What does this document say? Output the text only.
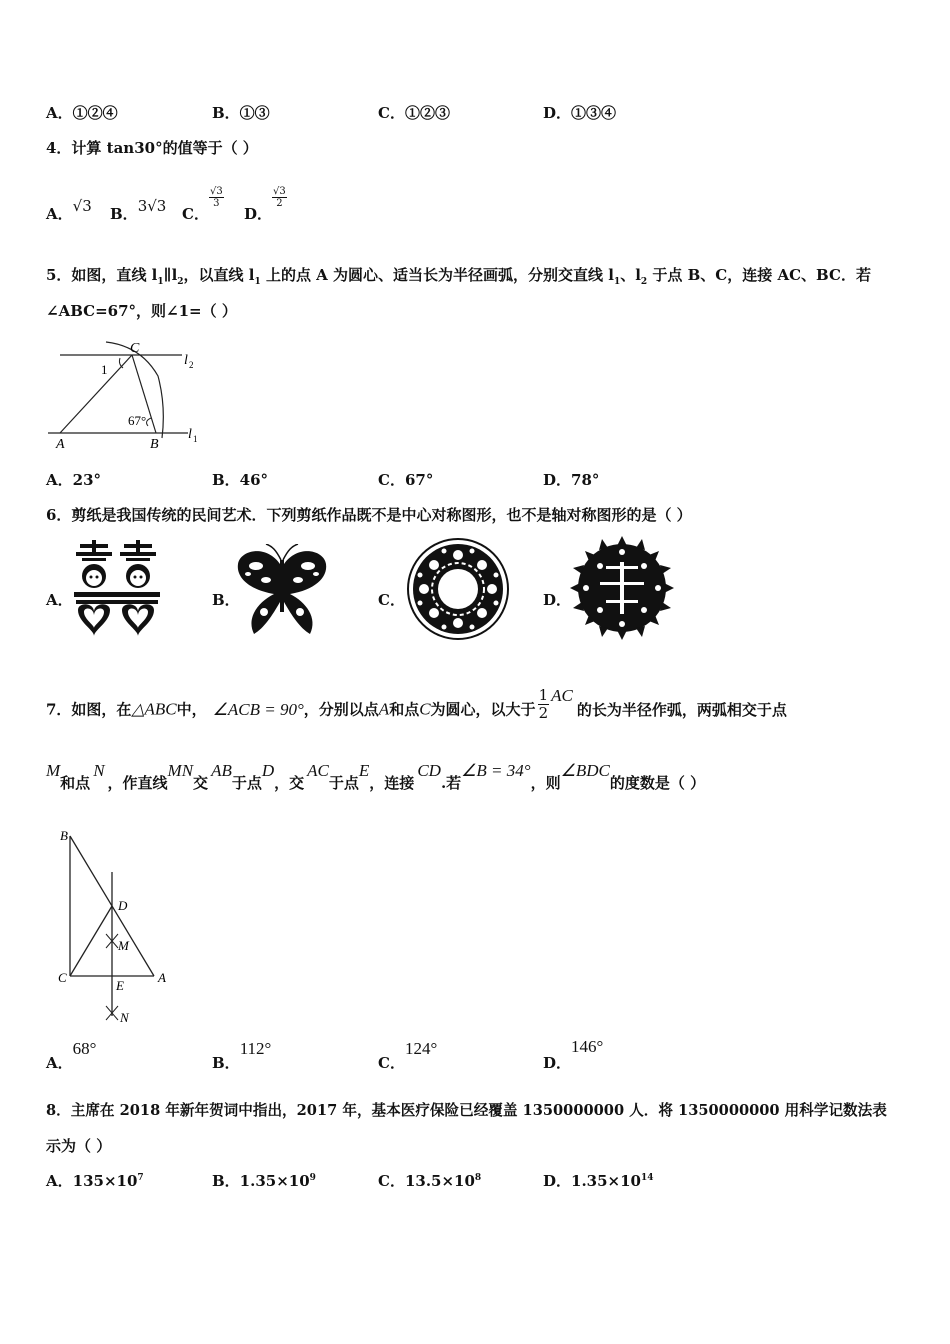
A．①②④	B．①③	C．①②③	D．①③④
4．计算 tan30°的值等于（ ）
A．√3 B．3√3 C．
$\frac{√3}{3}$
D．
$\frac{√3}{2}$
5．如图，直线 $l_1\parallel l_2$，以直线 $l_1$ 上的点 A 为圆心、适当长为半径画弧，分别交直线 $l_1$、$l_2$ 于点 B、C，连接 AC、BC．若
∠ABC=67°，则∠1=（ ）
C
l 2
1
67°
A	B
l 1
A．23°	B．46°	C．67°	D．78°
6．剪纸是我国传统的民间艺术．下列剪纸作品既不是中心对称图形，也不是轴对称图形的是（ ）
A．	B．	C．	D．
7．如图，在△ABC中， ∠ACB = 90°，分别以点A和点C为圆心，以大于 $\frac{1}{2}$ AC的长为半径作弧，两弧相交于点
M和点N，作直线MN交AB于点D，交AC于点E，连接CD.若∠B = 34°，则∠BDC的度数是（ ）
B
D
M
C	A
E
N
A．68°
B．112°
C．124°
D．146°
8．主席在 2018 年新年贺词中指出，2017 年，基本医疗保险已经覆盖 1350000000 人．将 1350000000 用科学记数法表
示为（ ）
A．$135\times 10^7$	B．$1.35\times 10^9$	C．$13.5\times 10^8$	D．$1.35\times 10^{14}$
